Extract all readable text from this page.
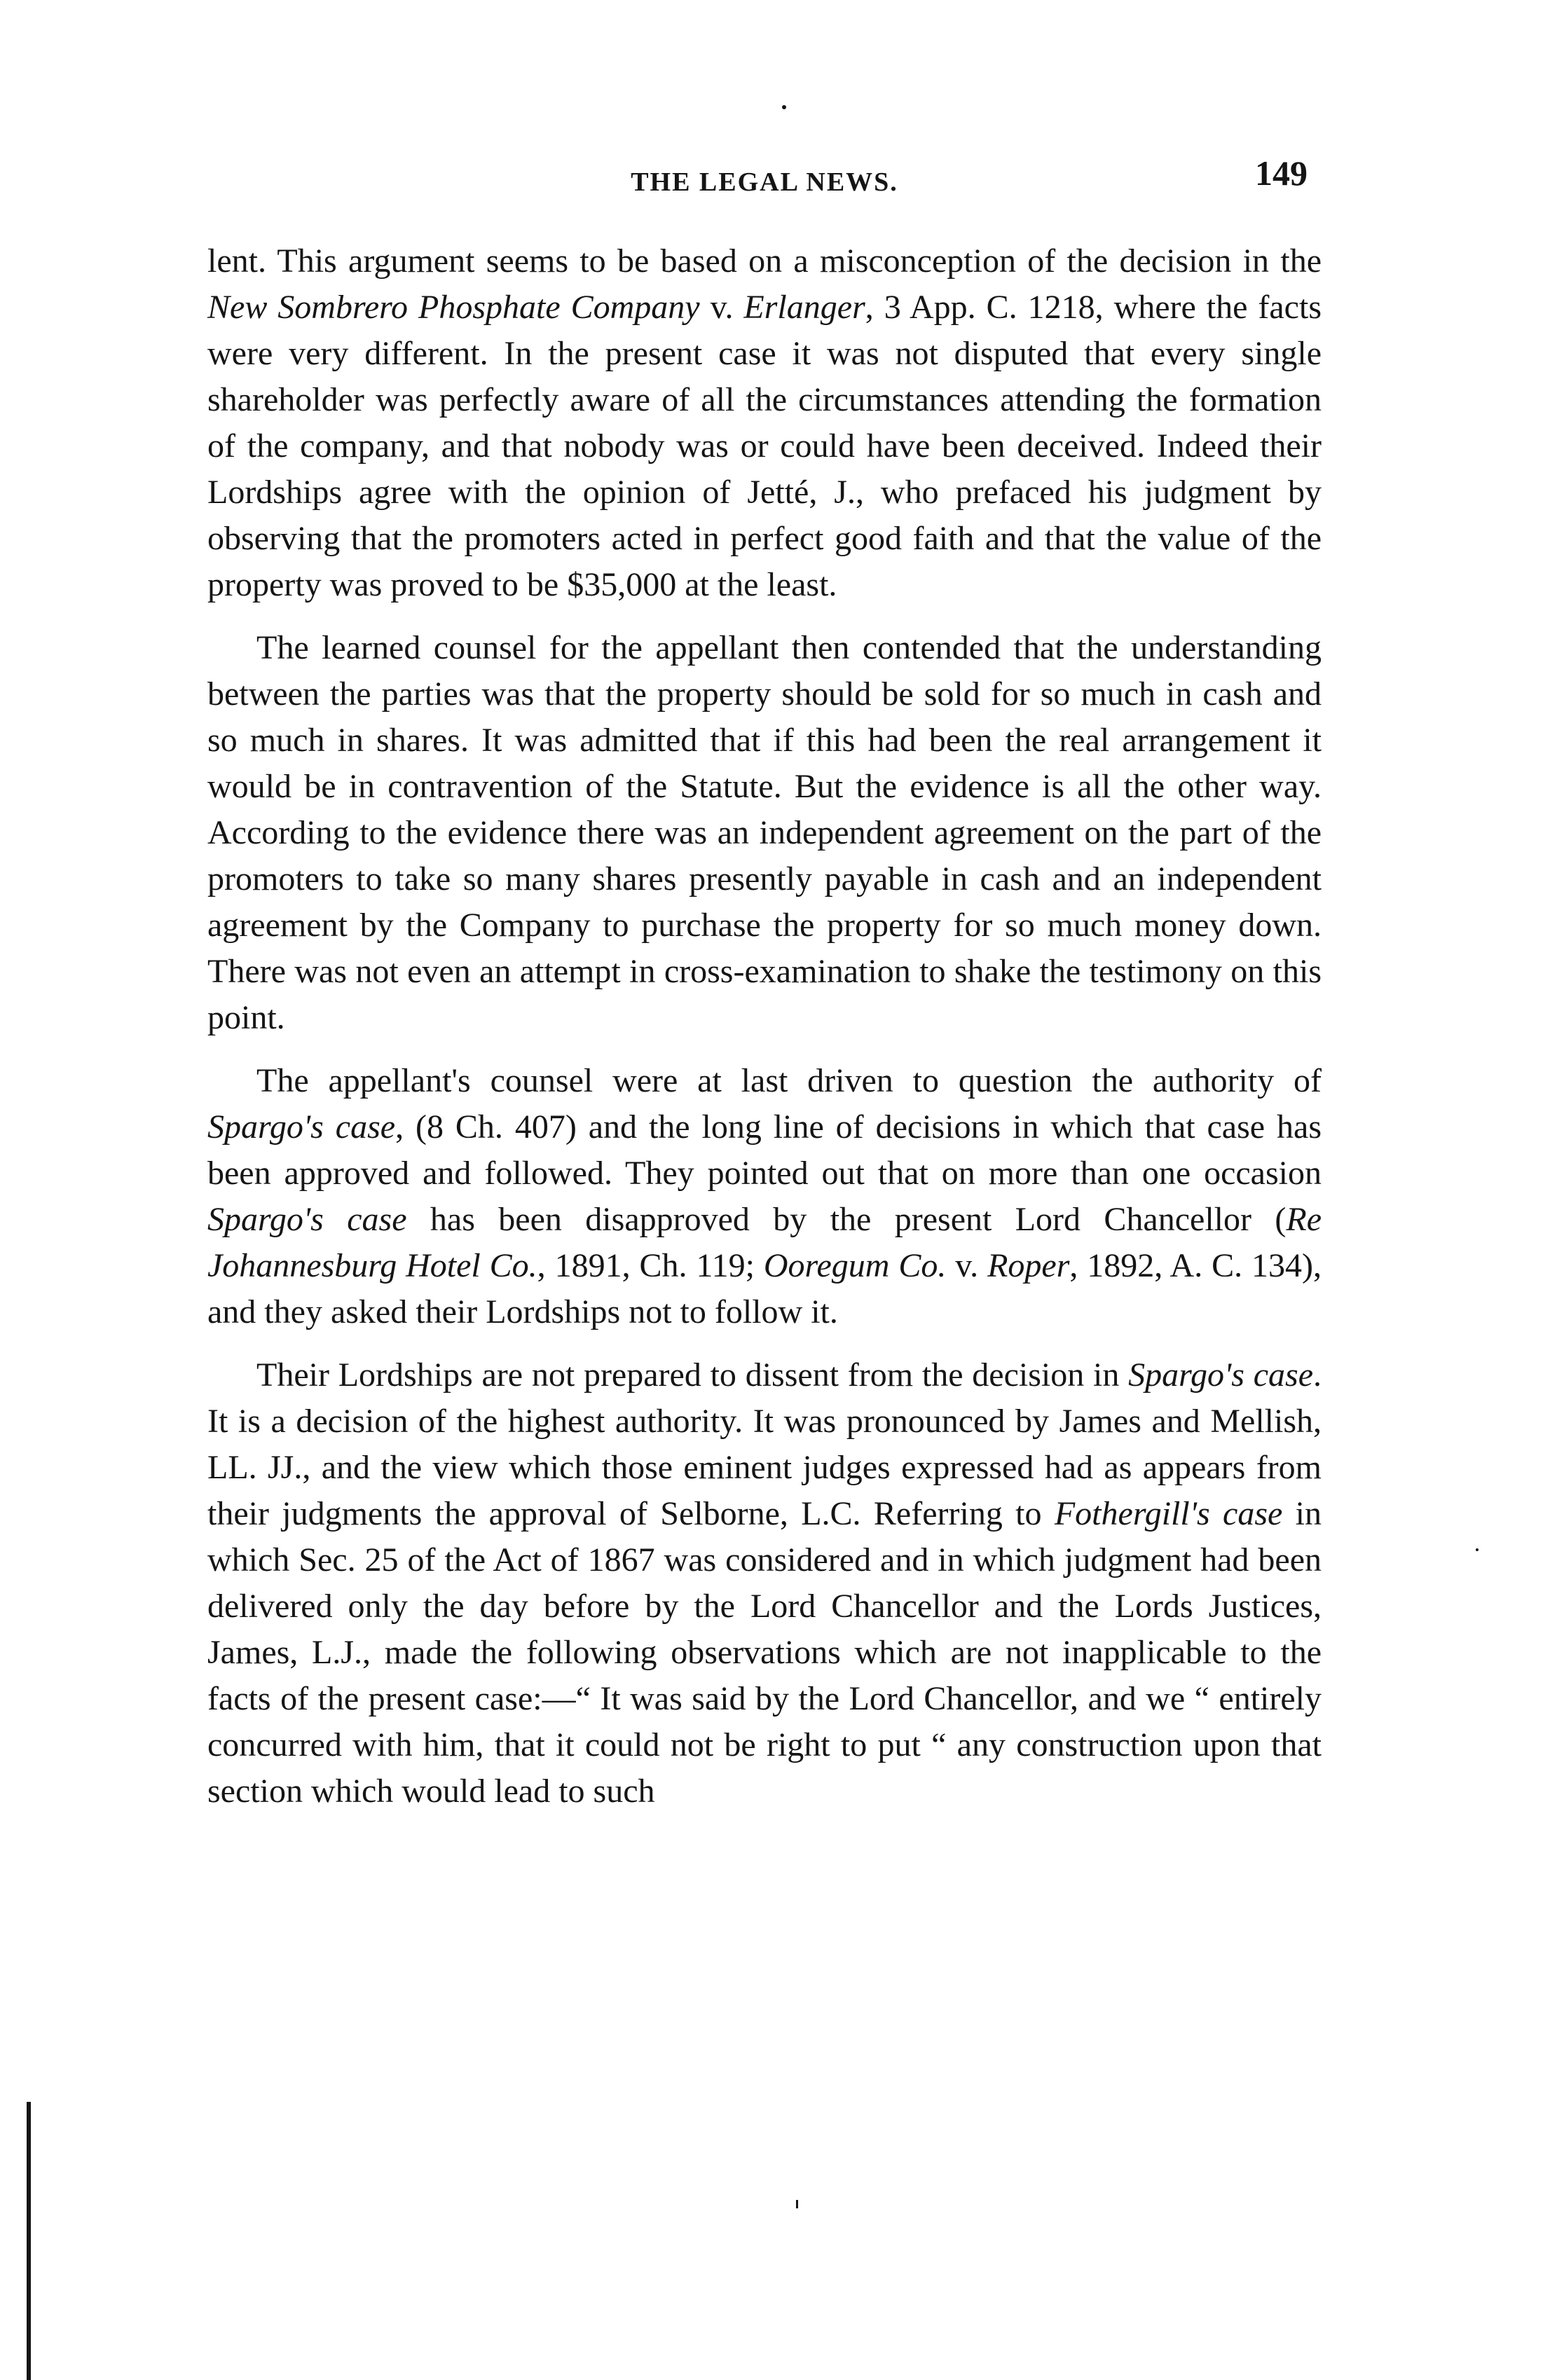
THE LEGAL NEWS.	149

lent. This argument seems to be based on a misconception of the decision in the New Sombrero Phosphate Company v. Erlanger, 3 App. C. 1218, where the facts were very different. In the present case it was not disputed that every single shareholder was perfectly aware of all the circumstances attending the formation of the company, and that nobody was or could have been deceived. Indeed their Lordships agree with the opinion of Jetté, J., who prefaced his judgment by observing that the promoters acted in perfect good faith and that the value of the property was proved to be $35,000 at the least.

The learned counsel for the appellant then contended that the understanding between the parties was that the property should be sold for so much in cash and so much in shares. It was admitted that if this had been the real arrangement it would be in contravention of the Statute. But the evidence is all the other way. According to the evidence there was an independent agreement on the part of the promoters to take so many shares presently payable in cash and an independent agreement by the Company to purchase the property for so much money down. There was not even an attempt in cross-examination to shake the testimony on this point.

The appellant's counsel were at last driven to question the authority of Spargo's case, (8 Ch. 407) and the long line of decisions in which that case has been approved and followed. They pointed out that on more than one occasion Spargo's case has been disapproved by the present Lord Chancellor (Re Johannesburg Hotel Co., 1891, Ch. 119; Ooregum Co. v. Roper, 1892, A. C. 134), and they asked their Lordships not to follow it.

Their Lordships are not prepared to dissent from the decision in Spargo's case. It is a decision of the highest authority. It was pronounced by James and Mellish, LL. JJ., and the view which those eminent judges expressed had as appears from their judgments the approval of Selborne, L.C. Referring to Fothergill's case in which Sec. 25 of the Act of 1867 was considered and in which judgment had been delivered only the day before by the Lord Chancellor and the Lords Justices, James, L.J., made the following observations which are not inapplicable to the facts of the present case:—“ It was said by the Lord Chancellor, and we “ entirely concurred with him, that it could not be right to put “ any construction upon that section which would lead to such
